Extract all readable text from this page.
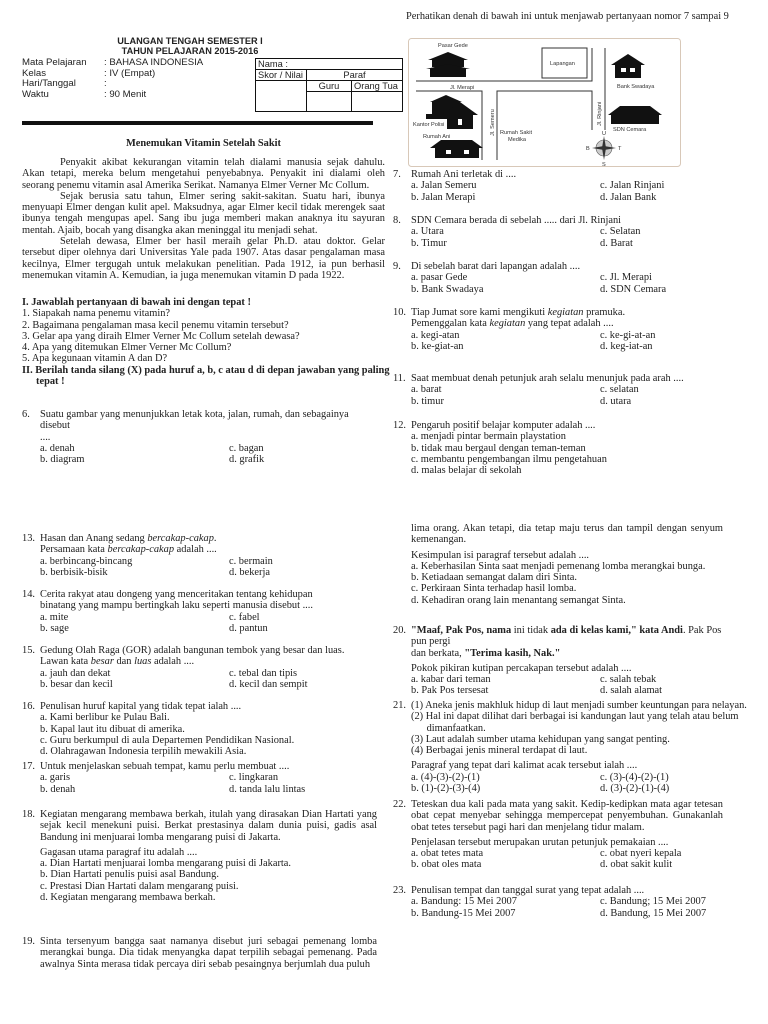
ULANGAN TENGAH SEMESTER I
TAHUN PELAJARAN 2015-2016
Mata Pelajaran	: BAHASA INDONESIA
Kelas	: IV (Empat)
Hari/Tanggal	:
Waktu	: 90 Menit
Nama :		
Skor / Nilai	Paraf	
	Guru	Orang Tua

Menemukan Vitamin Setelah Sakit

Penyakit akibat kekurangan vitamin telah dialami manusia sejak dahulu. Akan tetapi, mereka belum mengetahui penyebabnya. Penyakit ini dialami oleh seorang penemu vitamin asal Amerika Serikat. Namanya Elmer Verner Mc Collum.

Sejak berusia satu tahun, Elmer sering sakit-sakitan. Suatu hari, ibunya menyuapi Elmer dengan kulit apel. Maksudnya, agar Elmer kecil tidak merengek saat ibunya tengah mengupas apel. Sang ibu juga memberi makan anaknya itu sayuran mentah. Ajaib, bocah yang disangka akan meninggal itu menjadi sehat.

Setelah dewasa, Elmer ber hasil meraih gelar Ph.D. atau doktor. Gelar tersebut diper olehnya dari Universitas Yale pada 1907. Atas dasar pengalaman masa kecilnya, Elmer tergugah untuk melakukan penelitian. Pada 1912, ia pun berhasil menemukan vitamin A. Kemudian, ia juga menemukan vitamin D pada 1922.

I. Jawablah pertanyaan di bawah ini dengan tepat !
1. Siapakah nama penemu vitamin?
2. Bagaimana pengalaman masa kecil penemu vitamin tersebut?
3. Gelar apa yang diraih Elmer Verner Mc Collum setelah dewasa?
4. Apa yang ditemukan Elmer Verner Mc Collum?
5. Apa kegunaan vitamin A dan D?
II. Berilah tanda silang (X) pada huruf a, b, c atau d di depan jawaban yang paling
tepat !
Perhatikan denah di bawah ini untuk menjawab pertanyaan nomor 7 sampai 9
Pasar Gede
Lapangan
Bank Swadaya
Jl. Merapi
Jl. Rinjani
Jl. Semeru
Kantor Polisi
Rumah Ani
Rumah Sakit
Medika
SDN Cemara
U
S
B	T
6. Suatu gambar yang menunjukkan letak kota, jalan, rumah, dan sebagainya disebut
....
a. denah
b. diagram
c. bagan
d. grafik
7. Rumah Ani terletak di ....
a. Jalan Semeru
b. Jalan Merapi
c. Jalan Rinjani
d. Jalan Bank
8. SDN Cemara berada di sebelah ..... dari Jl. Rinjani
a. Utara
b. Timur
c. Selatan
d. Barat
9. Di sebelah barat dari lapangan adalah ....
a. pasar Gede
b. Bank Swadaya
c. Jl. Merapi
d. SDN Cemara
10. Tiap Jumat sore kami mengikuti kegiatan pramuka.
Pemenggalan kata kegiatan yang tepat adalah ....
a. kegi-atan
b. ke-giat-an
c. ke-gi-at-an
d. keg-iat-an
11. Saat membuat denah petunjuk arah selalu menunjuk pada arah ....
a. barat
b. timur
c. selatan
d. utara
12. Pengaruh positif belajar komputer adalah ....
a. menjadi pintar bermain playstation
b. tidak mau bergaul dengan teman-teman
c. membantu pengembangan ilmu pengetahuan
d. malas belajar di sekolah
13. Hasan dan Anang sedang bercakap-cakap.
Persamaan kata bercakap-cakap adalah ....
a. berbincang-bincang
b. berbisik-bisik
c. bermain
d. bekerja
14. Cerita rakyat atau dongeng yang menceritakan tentang kehidupan
binatang yang mampu bertingkah laku seperti manusia disebut ....
a. mite
b. sage
c. fabel
d. pantun
15. Gedung Olah Raga (GOR) adalah bangunan tembok yang besar dan luas.
Lawan kata besar dan luas adalah ....
a. jauh dan dekat
b. besar dan kecil
c. tebal dan tipis
d. kecil dan sempit
16. Penulisan huruf kapital yang tidak tepat ialah ....
a. Kami berlibur ke Pulau Bali.
b. Kapal laut itu dibuat di amerika.
c. Guru berkumpul di aula Departemen Pendidikan Nasional.
d. Olahragawan Indonesia terpilih mewakili Asia.
17. Untuk menjelaskan sebuah tempat, kamu perlu membuat ....
a. garis
b. denah
c. lingkaran
d. tanda lalu lintas
18. Kegiatan mengarang membawa berkah, itulah yang dirasakan Dian Hartati yang sejak kecil menekuni puisi. Berkat prestasinya dalam dunia puisi, gadis asal Bandung ini menjuarai lomba mengarang puisi di Jakarta.
Gagasan utama paragraf itu adalah ....
a. Dian Hartati menjuarai lomba mengarang puisi di Jakarta.
b. Dian Hartati penulis puisi asal Bandung.
c. Prestasi Dian Hartati dalam mengarang puisi.
d. Kegiatan mengarang membawa berkah.
19. Sinta tersenyum bangga saat namanya disebut juri sebagai pemenang lomba merangkai bunga. Dia tidak menyangka dapat terpilih sebagai pemenang. Pada awalnya Sinta merasa tidak percaya diri sebab pesaingnya berjumlah dua puluh
lima orang. Akan tetapi, dia tetap maju terus dan tampil dengan senyum kemenangan.
Kesimpulan isi paragraf tersebut adalah ....
a. Keberhasilan Sinta saat menjadi pemenang lomba merangkai bunga.
b. Ketiadaan semangat dalam diri Sinta.
c. Perkiraan Sinta terhadap hasil lomba.
d. Kehadiran orang lain menantang semangat Sinta.
20. "Maaf, Pak Pos, nama ini tidak ada di kelas kami," kata Andi. Pak Pos pun pergi
dan berkata, "Terima kasih, Nak."
Pokok pikiran kutipan percakapan tersebut adalah ....
a. kabar dari teman
b. Pak Pos tersesat
c. salah tebak
d. salah alamat
21. (1) Aneka jenis makhluk hidup di laut menjadi sumber keuntungan para nelayan.
(2) Hal ini dapat dilihat dari berbagai isi kandungan laut yang telah atau belum
dimanfaatkan.
(3) Laut adalah sumber utama kehidupan yang sangat penting.
(4) Berbagai jenis mineral terdapat di laut.
Paragraf yang tepat dari kalimat acak tersebut ialah ....
a. (4)-(3)-(2)-(1)
b. (1)-(2)-(3)-(4)
c. (3)-(4)-(2)-(1)
d. (3)-(2)-(1)-(4)
22. Teteskan dua kali pada mata yang sakit. Kedip-kedipkan mata agar tetesan obat cepat menyebar sehingga mempercepat penyembuhan. Gunakanlah obat tetes tersebut pagi hari dan menjelang tidur malam.
Penjelasan tersebut merupakan urutan petunjuk pemakaian ....
a. obat tetes mata
b. obat oles mata
c. obat nyeri kepala
d. obat sakit kulit
23. Penulisan tempat dan tanggal surat yang tepat adalah ....
a. Bandung: 15 Mei 2007
b. Bandung-15 Mei 2007
c. Bandung; 15 Mei 2007
d. Bandung, 15 Mei 2007
